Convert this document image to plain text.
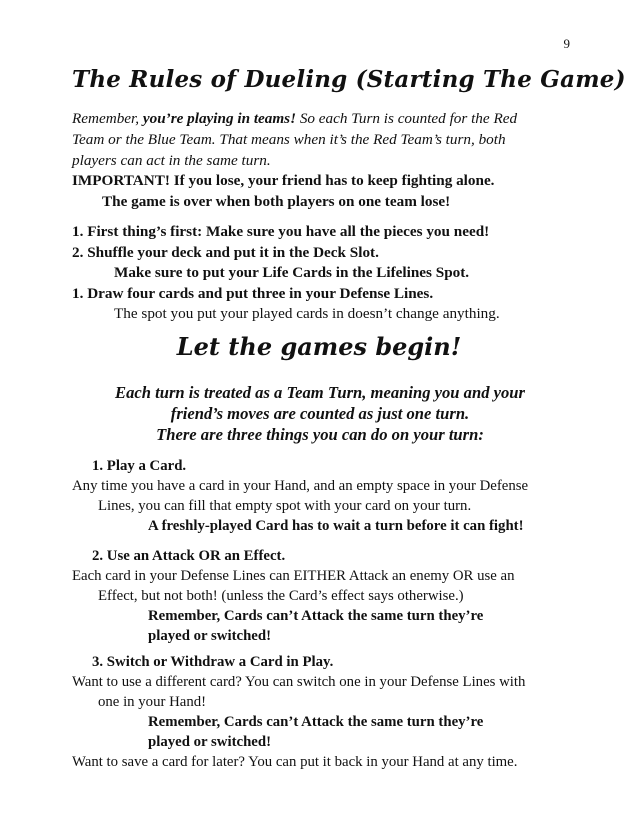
9
The Rules of Dueling (Starting The Game)
Remember, you’re playing in teams! So each Turn is counted for the Red
Team or the Blue Team. That means when it’s the Red Team’s turn, both
players can act in the same turn.
IMPORTANT! If you lose, your friend has to keep fighting alone.
The game is over when both players on one team lose!
1. First thing’s first: Make sure you have all the pieces you need!
2. Shuffle your deck and put it in the Deck Slot.
Make sure to put your Life Cards in the Lifelines Spot.
1. Draw four cards and put three in your Defense Lines.
The spot you put your played cards in doesn’t change anything.
Let the games begin!
Each turn is treated as a Team Turn, meaning you and your
friend’s moves are counted as just one turn.
There are three things you can do on your turn:
1. Play a Card.
Any time you have a card in your Hand, and an empty space in your Defense
Lines, you can fill that empty spot with your card on your turn.
A freshly-played Card has to wait a turn before it can fight!
2. Use an Attack OR an Effect.
Each card in your Defense Lines can EITHER Attack an enemy OR use an
Effect, but not both! (unless the Card’s effect says otherwise.)
Remember, Cards can’t Attack the same turn they’re
played or switched!
3. Switch or Withdraw a Card in Play.
Want to use a different card? You can switch one in your Defense Lines with
one in your Hand!
Remember, Cards can’t Attack the same turn they’re
played or switched!
Want to save a card for later? You can put it back in your Hand at any time.
